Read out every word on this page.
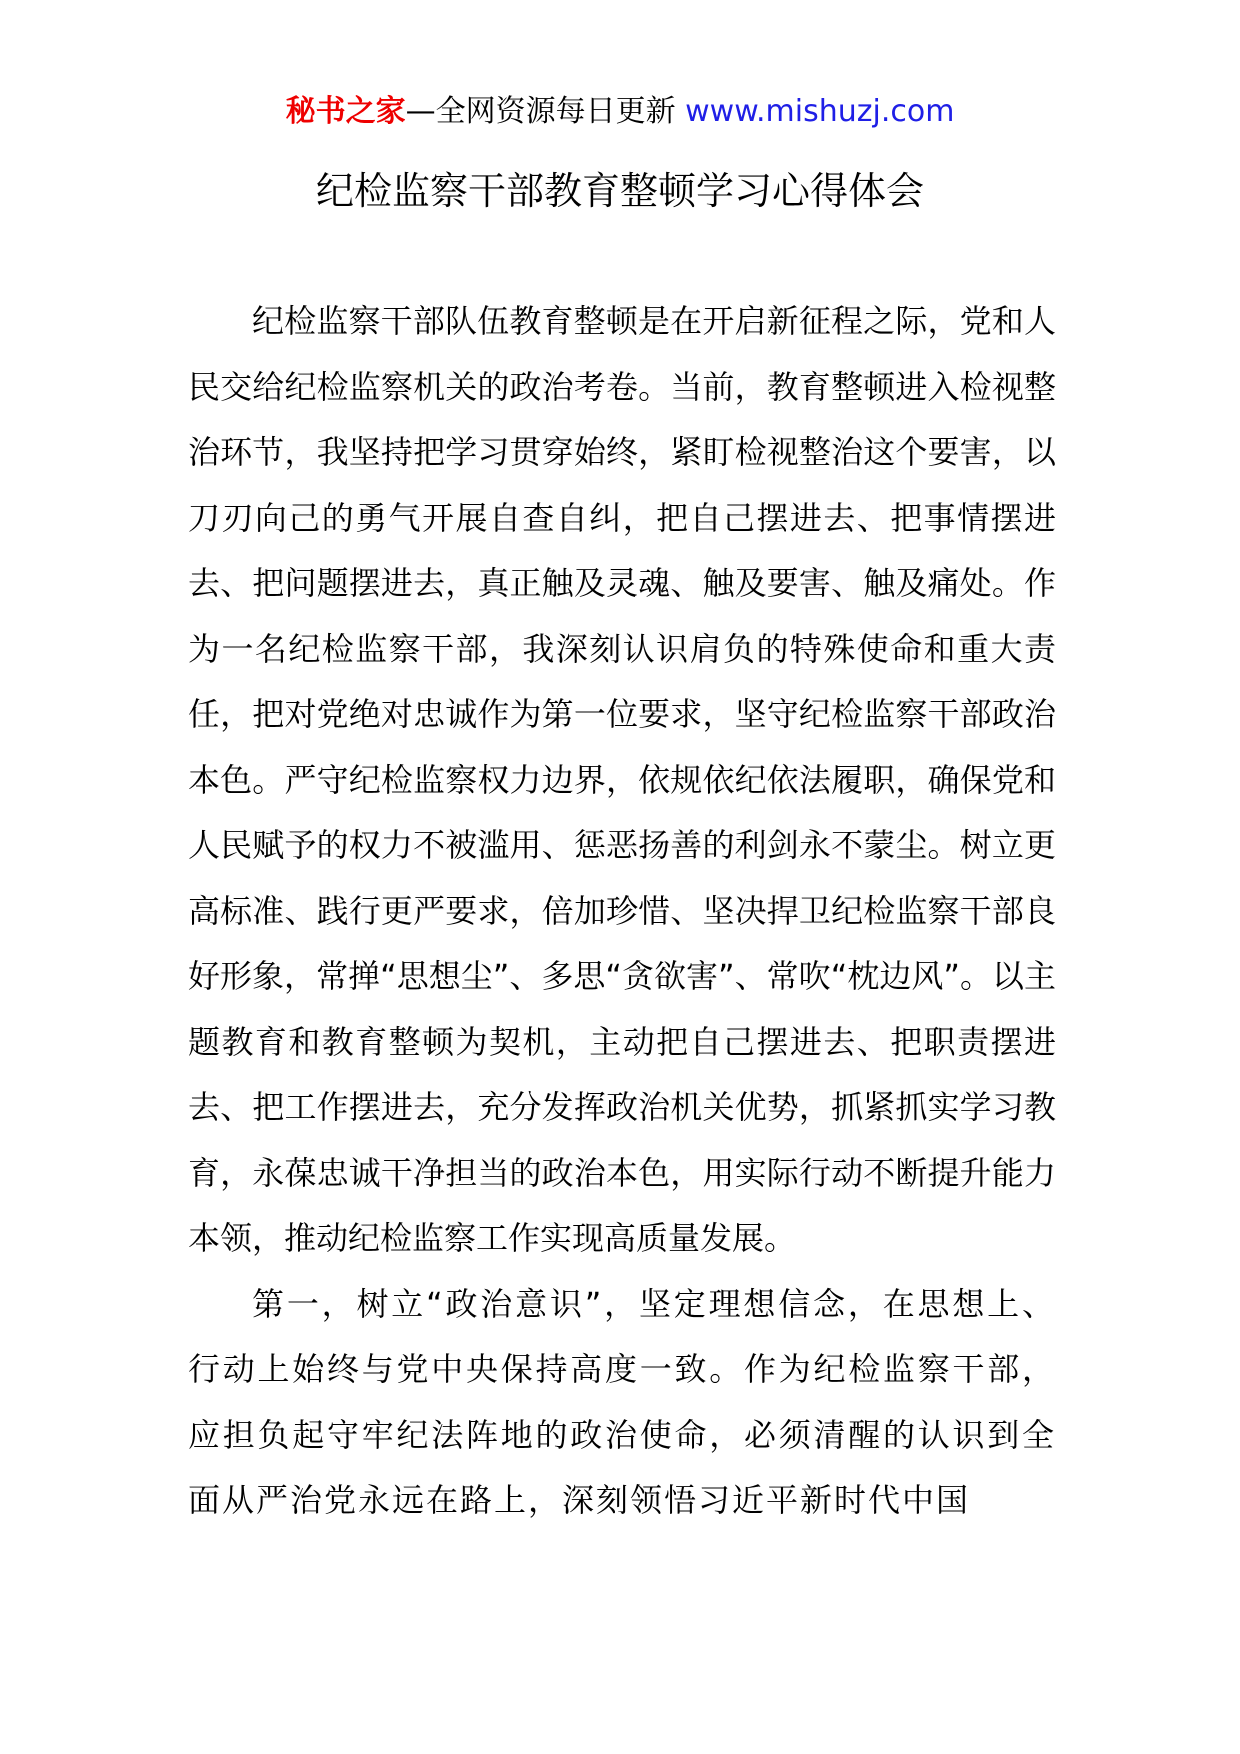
秘书之家—全网资源每日更新 www.mishuzj.com
纪检监察干部教育整顿学习心得体会

纪检监察干部队伍教育整顿是在开启新征程之际，党和人民交给纪检监察机关的政治考卷。当前，教育整顿进入检视整治环节，我坚持把学习贯穿始终，紧盯检视整治这个要害，以刀刃向己的勇气开展自查自纠，把自己摆进去、把事情摆进去、把问题摆进去，真正触及灵魂、触及要害、触及痛处。作为一名纪检监察干部，我深刻认识肩负的特殊使命和重大责任，把对党绝对忠诚作为第一位要求，坚守纪检监察干部政治本色。严守纪检监察权力边界，依规依纪依法履职，确保党和人民赋予的权力不被滥用、惩恶扬善的利剑永不蒙尘。树立更高标准、践行更严要求，倍加珍惜、坚决捍卫纪检监察干部良好形象，常掸“思想尘”、多思“贪欲害”、常吹“枕边风”。以主题教育和教育整顿为契机，主动把自己摆进去、把职责摆进去、把工作摆进去，充分发挥政治机关优势，抓紧抓实学习教育，永葆忠诚干净担当的政治本色，用实际行动不断提升能力本领，推动纪检监察工作实现高质量发展。

第一，树立“政治意识”，坚定理想信念，在思想上、行动上始终与党中央保持高度一致。作为纪检监察干部，应担负起守牢纪法阵地的政治使命，必须清醒的认识到全面从严治党永远在路上，深刻领悟习近平新时代中国
